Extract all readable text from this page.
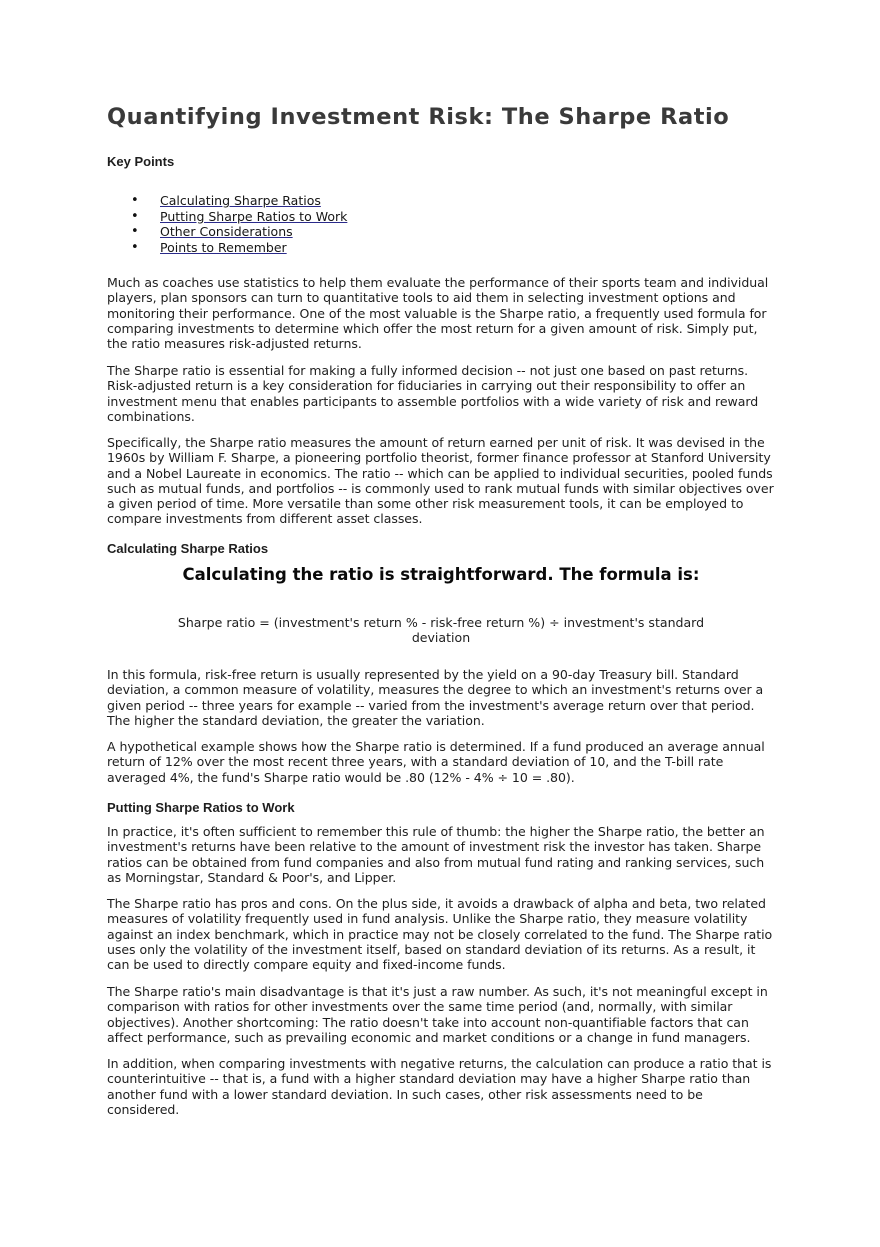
Quantifying Investment Risk: The Sharpe Ratio
Key Points
• Calculating Sharpe Ratios
• Putting Sharpe Ratios to Work
• Other Considerations
• Points to Remember

Much as coaches use statistics to help them evaluate the performance of their sports team and individual players, plan sponsors can turn to quantitative tools to aid them in selecting investment options and monitoring their performance. One of the most valuable is the Sharpe ratio, a frequently used formula for comparing investments to determine which offer the most return for a given amount of risk. Simply put, the ratio measures risk-adjusted returns.

The Sharpe ratio is essential for making a fully informed decision -- not just one based on past returns. Risk-adjusted return is a key consideration for fiduciaries in carrying out their responsibility to offer an investment menu that enables participants to assemble portfolios with a wide variety of risk and reward combinations.

Specifically, the Sharpe ratio measures the amount of return earned per unit of risk. It was devised in the 1960s by William F. Sharpe, a pioneering portfolio theorist, former finance professor at Stanford University and a Nobel Laureate in economics. The ratio -- which can be applied to individual securities, pooled funds such as mutual funds, and portfolios -- is commonly used to rank mutual funds with similar objectives over a given period of time. More versatile than some other risk measurement tools, it can be employed to compare investments from different asset classes.

Calculating Sharpe Ratios

Calculating the ratio is straightforward. The formula is:

Sharpe ratio = (investment's return % - risk-free return %) ÷ investment's standard deviation

In this formula, risk-free return is usually represented by the yield on a 90-day Treasury bill. Standard deviation, a common measure of volatility, measures the degree to which an investment's returns over a given period -- three years for example -- varied from the investment's average return over that period. The higher the standard deviation, the greater the variation.

A hypothetical example shows how the Sharpe ratio is determined. If a fund produced an average annual return of 12% over the most recent three years, with a standard deviation of 10, and the T-bill rate averaged 4%, the fund's Sharpe ratio would be .80 (12% - 4% ÷ 10 = .80).

Putting Sharpe Ratios to Work

In practice, it's often sufficient to remember this rule of thumb: the higher the Sharpe ratio, the better an investment's returns have been relative to the amount of investment risk the investor has taken. Sharpe ratios can be obtained from fund companies and also from mutual fund rating and ranking services, such as Morningstar, Standard & Poor's, and Lipper.

The Sharpe ratio has pros and cons. On the plus side, it avoids a drawback of alpha and beta, two related measures of volatility frequently used in fund analysis. Unlike the Sharpe ratio, they measure volatility against an index benchmark, which in practice may not be closely correlated to the fund. The Sharpe ratio uses only the volatility of the investment itself, based on standard deviation of its returns. As a result, it can be used to directly compare equity and fixed-income funds.

The Sharpe ratio's main disadvantage is that it's just a raw number. As such, it's not meaningful except in comparison with ratios for other investments over the same time period (and, normally, with similar objectives). Another shortcoming: The ratio doesn't take into account non-quantifiable factors that can affect performance, such as prevailing economic and market conditions or a change in fund managers.

In addition, when comparing investments with negative returns, the calculation can produce a ratio that is counterintuitive -- that is, a fund with a higher standard deviation may have a higher Sharpe ratio than another fund with a lower standard deviation. In such cases, other risk assessments need to be considered.
